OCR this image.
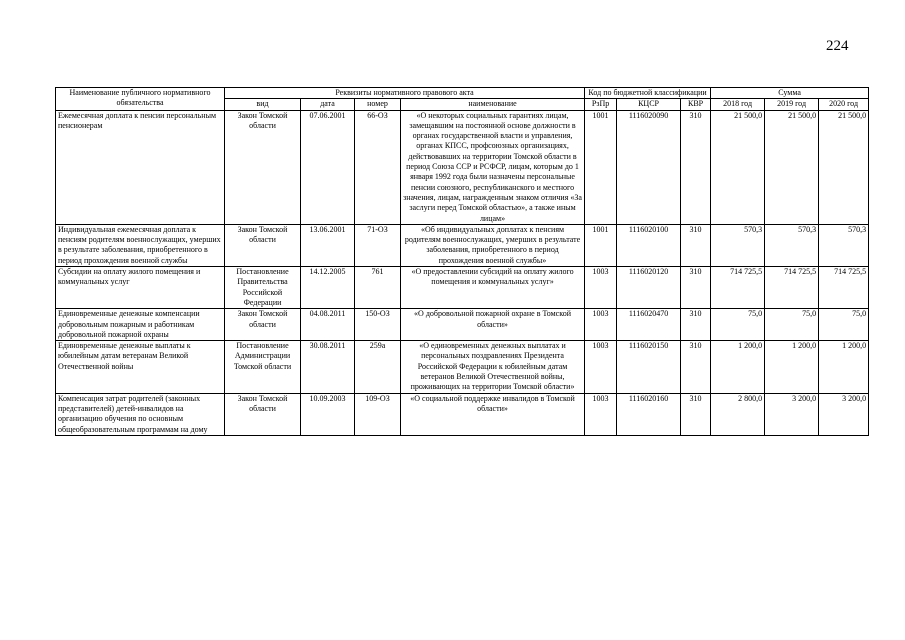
224
Наименование публичного нормативного обязательства	Реквизиты нормативного правового акта				Код по бюджетной классификации			Сумма		
	вид	дата	номер	наименование	РзПр	КЦСР	КВР	2018 год	2019 год	2020 год
Ежемесячная доплата к пенсии персональным пенсионерам	Закон Томской области	07.06.2001	66-ОЗ	«О некоторых социальных гарантиях лицам, замещавшим на постоянной основе должности в органах государственной власти и управления, органах КПСС, профсоюзных организациях, действовавших на территории Томской области в период Союза ССР и РСФСР, лицам, которым до 1 января 1992 года были назначены персональные пенсии союзного, республиканского и местного значения, лицам, награжденным знаком отличия «За заслуги перед Томской областью», а также иным лицам»	1001	1116020090	310	21 500,0	21 500,0	21 500,0
Индивидуальная ежемесячная доплата к пенсиям родителям военнослужащих, умерших в результате заболевания, приобретенного в период прохождения военной службы	Закон Томской области	13.06.2001	71-ОЗ	«Об индивидуальных доплатах к пенсиям родителям военнослужащих, умерших в результате заболевания, приобретенного в период прохождения военной службы»	1001	1116020100	310	570,3	570,3	570,3
Субсидии на оплату жилого помещения и коммунальных услуг	Постановление Правительства Российской Федерации	14.12.2005	761	«О предоставлении субсидий на оплату жилого помещения и коммунальных услуг»	1003	1116020120	310	714 725,5	714 725,5	714 725,5
Единовременные денежные компенсации добровольным пожарным и работникам добровольной пожарной охраны	Закон Томской области	04.08.2011	150-ОЗ	«О добровольной пожарной охране в Томской области»	1003	1116020470	310	75,0	75,0	75,0
Единовременные денежные выплаты к юбилейным датам ветеранам Великой Отечественной войны	Постановление Администрации Томской области	30.08.2011	259а	«О единовременных денежных выплатах и персональных поздравлениях Президента Российской Федерации к юбилейным датам ветеранов Великой Отечественной войны, проживающих на территории Томской области»	1003	1116020150	310	1 200,0	1 200,0	1 200,0
Компенсация затрат родителей (законных представителей) детей-инвалидов на организацию обучения по основным общеобразовательным программам на дому	Закон Томской области	10.09.2003	109-ОЗ	«О социальной поддержке инвалидов в Томской области»	1003	1116020160	310	2 800,0	3 200,0	3 200,0
